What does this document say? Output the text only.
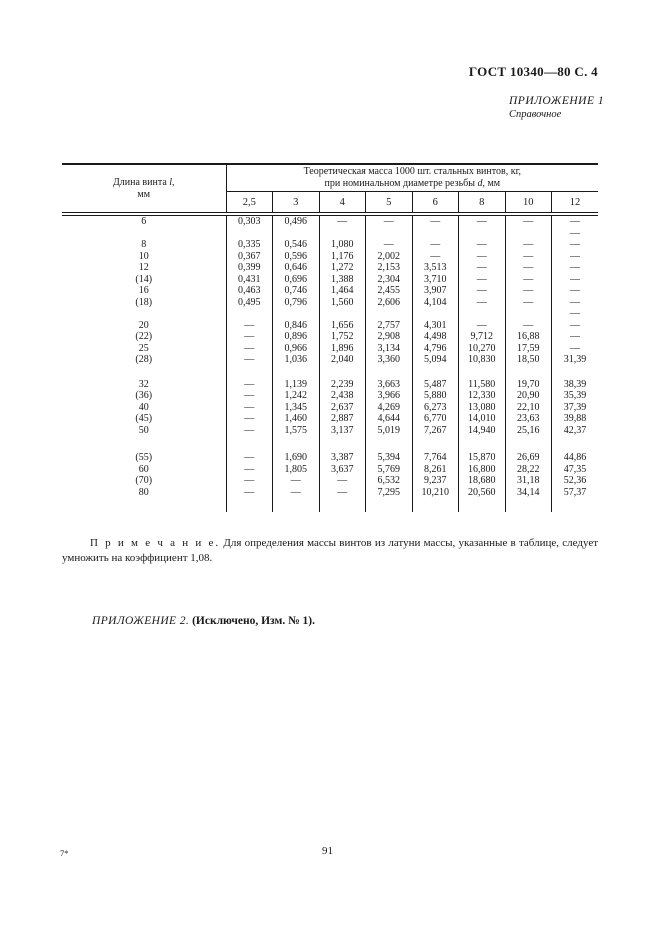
ГОСТ 10340—80 С. 4
ПРИЛОЖЕНИЕ 1
Справочное
Длина винта l,
мм

Теоретическая масса 1000 шт. стальных винтов, кг,
при номинальном диаметре резьбы d, мм

	2,5	3	4	5	6	8	10	12
6	0,303	0,496	—	—	—	—	—	—
								—
8	0,335	0,546	1,080	—	—	—	—	—
10	0,367	0,596	1,176	2,002	—	—	—	—
12	0,399	0,646	1,272	2,153	3,513	—	—	—
(14)	0,431	0,696	1,388	2,304	3,710	—	—	—
16	0,463	0,746	1,464	2,455	3,907	—	—	—
(18)	0,495	0,796	1,560	2,606	4,104	—	—	—
								—
20	—	0,846	1,656	2,757	4,301	—	—	—
(22)	—	0,896	1,752	2,908	4,498	9,712	16,88	—
25	—	0,966	1,896	3,134	4,796	10,270	17,59	—
(28)	—	1,036	2,040	3,360	5,094	10,830	18,50	31,39

32	—	1,139	2,239	3,663	5,487	11,580	19,70	38,39
(36)	—	1,242	2,438	3,966	5,880	12,330	20,90	35,39
40	—	1,345	2,637	4,269	6,273	13,080	22,10	37,39
(45)	—	1,460	2,887	4,644	6,770	14,010	23,63	39,88
50	—	1,575	3,137	5,019	7,267	14,940	25,16	42,37

(55)	—	1,690	3,387	5,394	7,764	15,870	26,69	44,86
60	—	1,805	3,637	5,769	8,261	16,800	28,22	47,35
(70)	—	—	—	6,532	9,237	18,680	31,18	52,36
80	—	—	—	7,295	10,210	20,560	34,14	57,37

П р и м е ч а н и е. Для определения массы винтов из латуни массы, указанные в таблице, следует умножить на коэффициент 1,08.
ПРИЛОЖЕНИЕ 2. (Исключено, Изм. № 1).
7*	91
